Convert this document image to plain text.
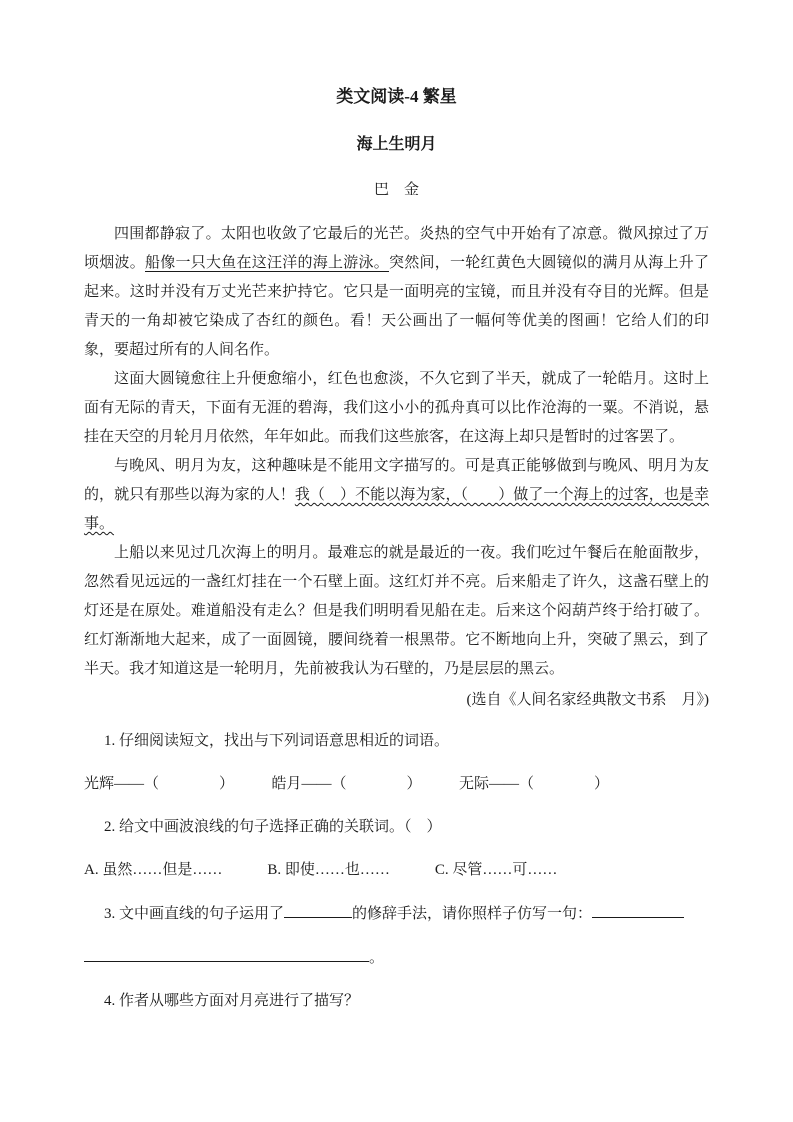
类文阅读-4 繁星
海上生明月
巴　金

四围都静寂了。太阳也收敛了它最后的光芒。炎热的空气中开始有了凉意。微风掠过了万顷烟波。船像一只大鱼在这汪洋的海上游泳。突然间，一轮红黄色大圆镜似的满月从海上升了起来。这时并没有万丈光芒来护持它。它只是一面明亮的宝镜，而且并没有夺目的光辉。但是青天的一角却被它染成了杏红的颜色。看！天公画出了一幅何等优美的图画！它给人们的印象，要超过所有的人间名作。

这面大圆镜愈往上升便愈缩小，红色也愈淡，不久它到了半天，就成了一轮皓月。这时上面有无际的青天，下面有无涯的碧海，我们这小小的孤舟真可以比作沧海的一粟。不消说，悬挂在天空的月轮月月依然，年年如此。而我们这些旅客，在这海上却只是暂时的过客罢了。

与晚风、明月为友，这种趣味是不能用文字描写的。可是真正能够做到与晚风、明月为友的，就只有那些以海为家的人！我（　）不能以海为家，（　　）做了一个海上的过客，也是幸事。

上船以来见过几次海上的明月。最难忘的就是最近的一夜。我们吃过午餐后在舱面散步，忽然看见远远的一盏红灯挂在一个石壁上面。这红灯并不亮。后来船走了许久，这盏石壁上的灯还是在原处。难道船没有走么？但是我们明明看见船在走。后来这个闷葫芦终于给打破了。红灯渐渐地大起来，成了一面圆镜，腰间绕着一根黑带。它不断地向上升，突破了黑云，到了半天。我才知道这是一轮明月，先前被我认为石壁的，乃是层层的黑云。

(选自《人间名家经典散文书系　月》)
1. 仔细阅读短文，找出与下列词语意思相近的词语。
光辉——（　　　　）　　　皓月——（　　　　）　　　无际——（　　　　）
2. 给文中画波浪线的句子选择正确的关联词。（　）
A. 虽然……但是……　　　B. 即使……也……　　　C. 尽管……可……
3. 文中画直线的句子运用了	的修辞手法，请你照样子仿写一句：
。
4. 作者从哪些方面对月亮进行了描写？
